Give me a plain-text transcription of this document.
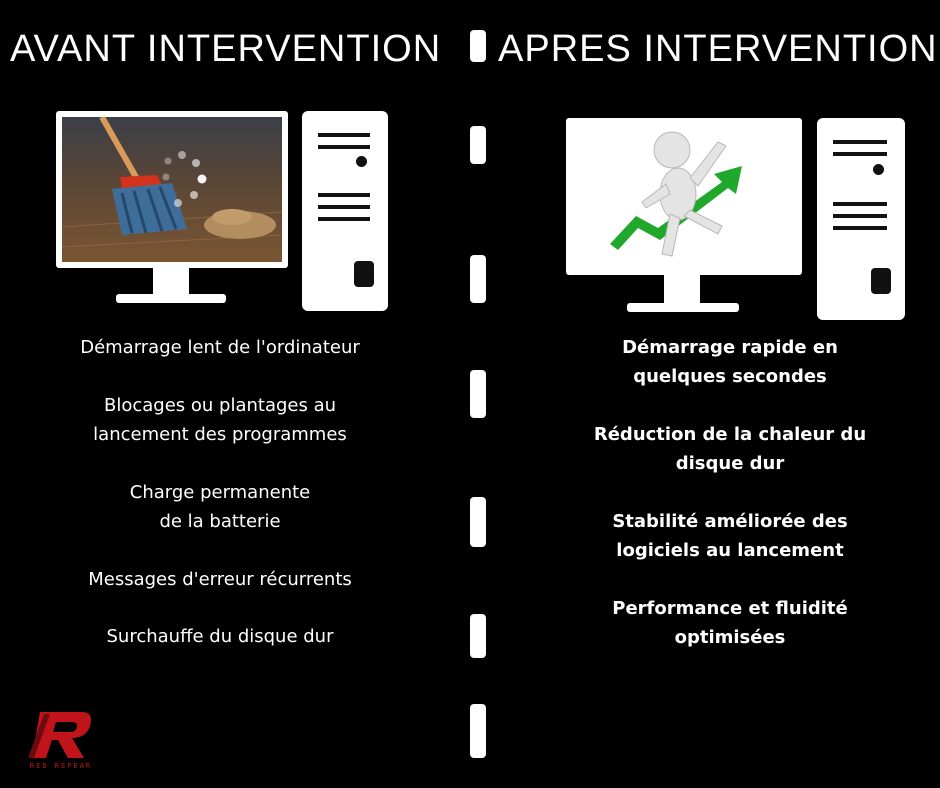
AVANT INTERVENTION APRES INTERVENTION
Démarrage lent de l'ordinateur
Blocages ou plantages au lancement des programmes
Charge permanente de la batterie
Messages d'erreur récurrents
Surchauffe du disque dur
Démarrage rapide en quelques secondes
Réduction de la chaleur du disque dur
Stabilité améliorée des logiciels au lancement
Performance et fluidité optimisées
RED REPEAR
